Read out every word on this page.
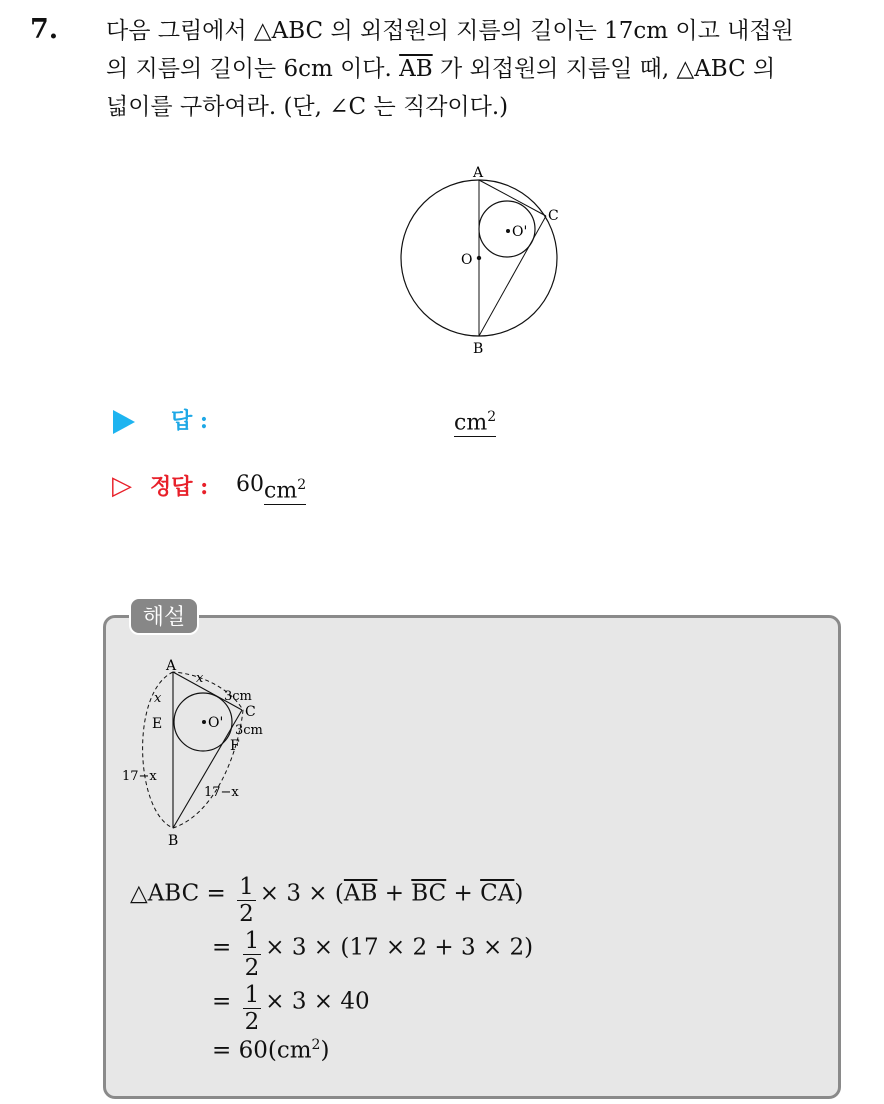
7. 다음 그림에서 △ABC 의 외접원의 지름의 길이는 17cm 이고 내접원
의 지름의 길이는 6cm 이다. $\overline{AB}$ 가 외접원의 지름일 때, △ABC 의
넓이를 구하여라. (단, ∠C 는 직각이다.)
A
B
C
O
O'
답 :	$cm^2$
▷ 정답 : 60 $cm^2$
해설
A
B
C
E
F
O'
x
x	3cm
3cm
17−x
17−x
△ABC = $\frac{1}{2} \times 3 \times (\overline{AB} + \overline{BC} + \overline{CA})$
= $\frac{1}{2} \times 3 \times (17 \times 2 + 3 \times 2)$
= $\frac{1}{2} \times 3 \times 40$
= $60(cm^2)$
